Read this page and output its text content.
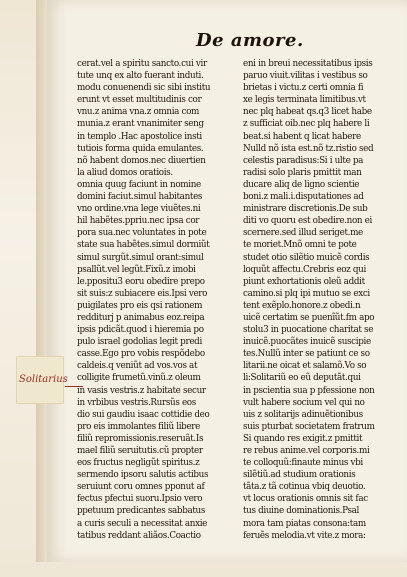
De amore.
Solitarius
cerat.vel a spiritu sancto.cui vir
tute unq ex alto fuerant induti.
modu conuenendi sic sibi institu
erunt vt esset multitudinis cor
vnu.z anima vna.z omnia com
munia.z erant vnanimiter seng
in templo .Hac apostolice insti
tutiois forma quida emulantes.
nõ habent domos.nec diuertien
la aliud domos oratiois.
omnia quug faciunt in nomine
domini faciut.simul habitantes
vno ordine.vna lege viuẽtes.ni
hil habẽtes.ppriu.nec ipsa cor
pora sua.nec voluntates in pote
state sua habẽtes.simul dormiũt
simul surgũt.simul orant:simul
psallũt.vel legũt.Fixũ.z imobi
le.ppositu3 eoru obedire prepo
sit suis:z subiacere eis.Ipsi vero
puigilates pro eis qsi rationem
redditurj p animabus eoz.reipa
ipsis pdicãt.quod i hieremia po
pulo israel godolias legit predi
casse.Ego pro vobis respõdebo
caldeis.q veniũt ad vos.vos at
colligite frumetũ.vinũ.z oleum
in vasis vestris.z habitate secur
in vrbibus vestris.Rursũs eos
dio sui gaudiu isaac cottidie deo
pro eis immolantes filiũ libere
filiũ repromissionis.reseruãt.Is
mael filiũ seruitutis.cũ propter
eos fructus negligũt spiritus.z
sermendo ipsoru salutis actibus
seruiunt coru omnes pponut af
fectus pfectui suoru.Ipsio vero
ppetuum predicantes sabbatus
a curis seculi a necessitat anxie
tatibus reddant aliãos.Coactio
eni in breui necessitatibus ipsis
paruo viuit.vilitas i vestibus so
brietas i victu.z certi omnia fi
xe legis terminata limitibus.vt
nec plq habeat qs.q3 licet habe
z sufficiat oib.nec plq habere li
beat.si habent q licat habere
Nulld nõ ista est.nõ tz.ristio sed
celestis paradisus:Si i ulte pa
radisi solo plaris pmittit man
ducare aliq de ligno scientie
boni.z mali.i.disputationes ad
ministrare discretionis.De sub
diti vo quoru est obedire.non ei
scernere.sed illud seriget.me
te moriet.Mnõ omni te pote
studet otio silẽtio muicẽ cordis
loquũt affectu.Crebris eoz qui
piunt exhortationis oleũ addit
camino.si plq ipi mutuo se exci
tent exẽplo.honore.z obedi.n
uicẽ certatim se puenĩũt.fm apo
stolu3 in puocatione charitat se
inuicẽ.puocãtes inuicẽ suscipie
tes.Nullũ inter se patiunt ce so
litarii.ne oicat et salamõ.Vo so
li:Solitariũ eo eũ deputãt.qui
in pscientia sua p pfessione non
vult habere socium vel qui no
uis z solitarijs adinuẽtionibus
suis pturbat societatem fratrum
Si quando res exigit.z pmittit
re rebus anime.vel corporis.mi
te colloquũ:finaute minus vbi
silẽtiũ.ad studium orationis
tãta.z tã cotinua vbiq deuotio.
vt locus orationis omnis sit fac
tus diuine dominationis.Psal
mora tam piatas consona:tam
feruẽs melodia.vt vite.z mora:
